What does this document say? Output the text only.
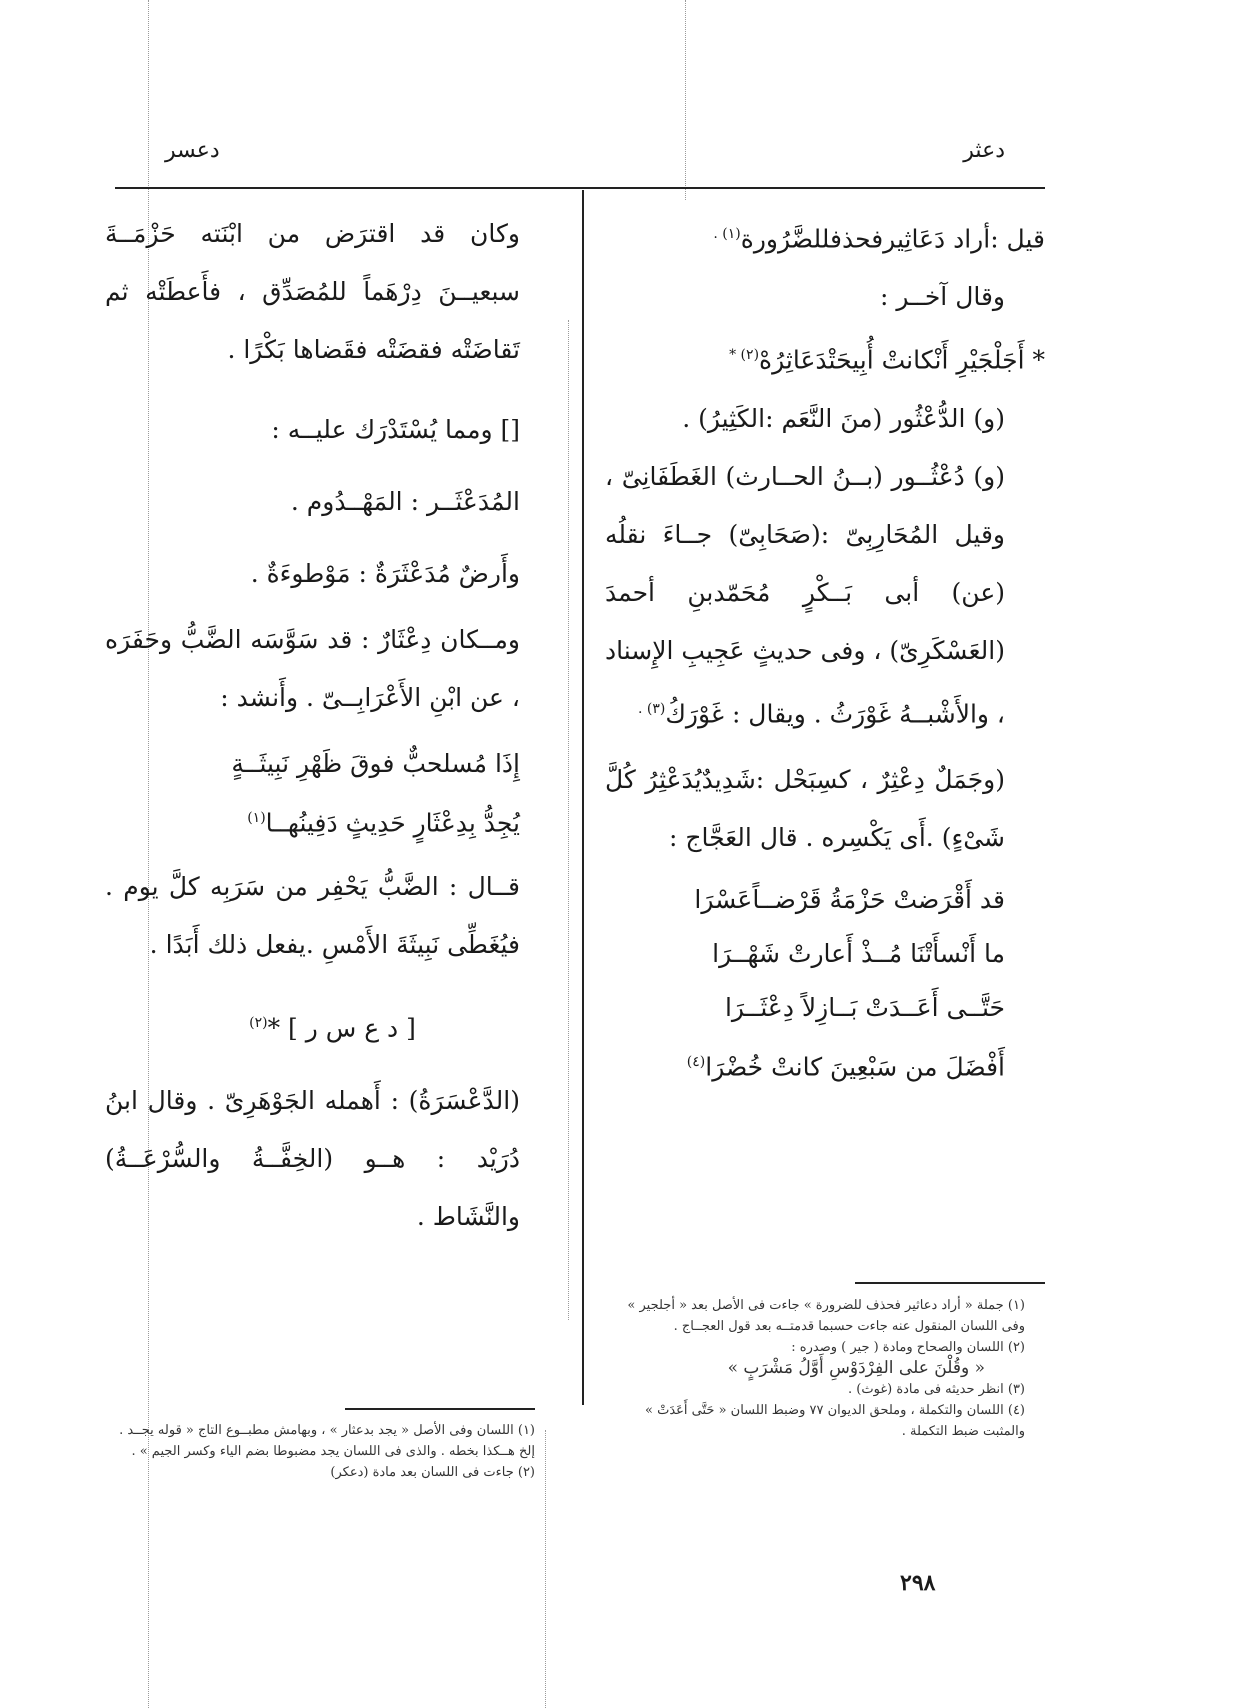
دعسر	دعثر
قيل :أراد دَعَاثِيرفحذفللضَّرُورة$^{(١) .}$
وقال آخــر :
* أَجَلْجَيْرِ أَنْكانتْ أُبِيحَتْدَعَاثِرُهْ$^{(٢) *}$
(و) الدُّعْثُور (منَ النَّعَم :الكَثِيرُ) .
(و) دُعْثُــور (بــنُ الحــارث) الغَطَفَانِىّ ، وقيل المُحَارِبِىّ :(صَحَابِىّ) جــاءَ نقلُه (عن) أبى بَــكْرٍ مُحَمّدبنِ أحمدَ (العَسْكَرِىّ) ، وفى حديثٍ عَجِيبِ الإِسناد ، والأَشْبــهُ غَوْرَثُ . ويقال : غَوْرَكُ$^{(٣) .}$
(وجَمَلٌ دِعْثِرٌ ، كسِبَحْل :شَدِيدٌيُدَعْثِرُ كُلَّ شَىْءٍ) .أَى يَكْسِره . قال العَجَّاج :
قد أَقْرَضتْ حَزْمَةُ قَرْضــاًعَسْرَا
ما أَنْسأَتْنَا مُــذْ أَعارتْ شَهْــرَا
حَتَّــى أَعَــدَتْ بَــازِلاً دِعْثَــرَا
أَفْضَلَ من سَبْعِينَ كانتْ خُضْرَا$^{(٤)}$
(١) جملة « أراد دعاثير فحذف للضرورة » جاءت فى الأصل بعد « أجلجير » وفى اللسان المنقول عنه جاءت حسبما قدمتــه بعد قول العجــاج .
(٢) اللسان والصحاح ومادة ( جير ) وصدره :
« وقُلْنَ على الفِرْدَوْسِ أَوَّلُ مَشْرَبٍ »
(٣) انظر حديثه فى مادة (غوث) .
(٤) اللسان والتكملة ، وملحق الديوان ٧٧ وضبط اللسان « حَتَّى أَعَدَتْ » والمثبت ضبط التكملة .
وكان قد اقترَض من ابْنَته حَزْمَــةَ سبعيــنَ دِرْهَماً للمُصَدِّق ، فأَعطَتْه ثم تَقاضَتْه فقضَتْه فقَضاها بَكْرًا .
[] ومما يُسْتَدْرَك عليــه :
المُدَعْثَــر : المَهْــدُوم .
وأَرضٌ مُدَعْثَرَةٌ : مَوْطوءَةٌ .
ومــكان دِعْثَارٌ : قد سَوَّسَه الضَّبُّ وحَفَرَه ، عن ابْنِ الأَعْرَابِــىّ . وأَنشد :
إِذَا مُسلحبٌّ فوقَ ظَهْرِ نَبِيثَــةٍ
يُجِدُّ بِدِعْثَارٍ حَدِيثٍ دَفِينُهــا$^{(١)}$
قــال : الضَّبُّ يَحْفِر من سَرَبِه كلَّ يوم . فيُغَطِّى نَبِيثَةَ الأَمْسِ .يفعل ذلك أَبَدًا .
[ د ع س ر ] *$^{(٢)}$
(الدَّعْسَرَةُ) : أَهمله الجَوْهَرِىّ . وقال ابنُ دُرَيْد : هــو (الخِفَّــةُ والسُّرْعَــةُ) والنَّشَاط .
(١) اللسان وفى الأصل « يجد بدعثار » ، وبهامش مطبــوع التاج « قوله يجــد . إلخ هــكذا بخطه . والذى فى اللسان يجد مضبوطا بضم الياء وكسر الجيم » .
(٢) جاءت فى اللسان بعد مادة (دعكر)
٢٩٨
